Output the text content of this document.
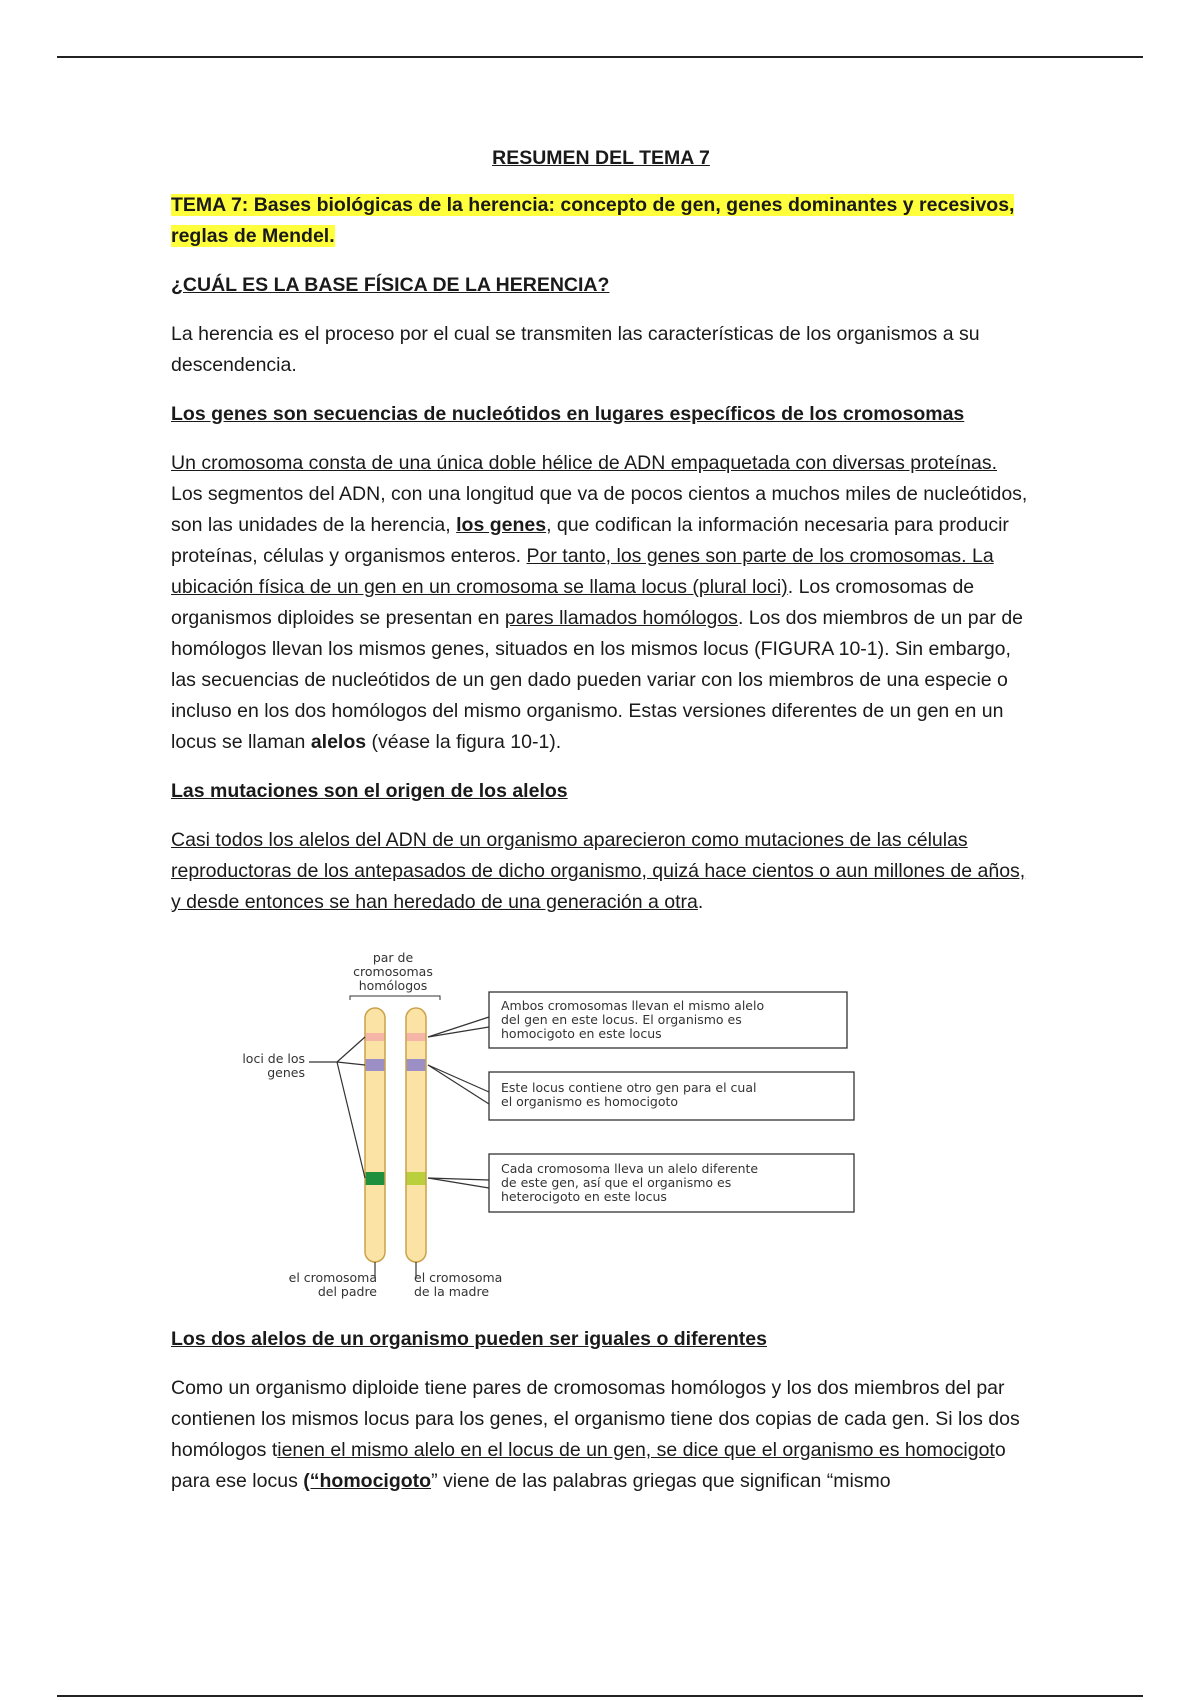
RESUMEN DEL TEMA 7
TEMA 7: Bases biológicas de la herencia: concepto de gen, genes dominantes y recesivos, reglas de Mendel.
¿CUÁL ES LA BASE FÍSICA DE LA HERENCIA?

La herencia es el proceso por el cual se transmiten las características de los organismos a su descendencia.

Los genes son secuencias de nucleótidos en lugares específicos de los cromosomas

Un cromosoma consta de una única doble hélice de ADN empaquetada con diversas proteínas. Los segmentos del ADN, con una longitud que va de pocos cientos a muchos miles de nucleótidos, son las unidades de la herencia, los genes, que codifican la información necesaria para producir proteínas, células y organismos enteros. Por tanto, los genes son parte de los cromosomas. La ubicación física de un gen en un cromosoma se llama locus (plural loci). Los cromosomas de organismos diploides se presentan en pares llamados homólogos. Los dos miembros de un par de homólogos llevan los mismos genes, situados en los mismos locus (FIGURA 10-1). Sin embargo, las secuencias de nucleótidos de un gen dado pueden variar con los miembros de una especie o incluso en los dos homólogos del mismo organismo. Estas versiones diferentes de un gen en un locus se llaman alelos (véase la figura 10-1).

Las mutaciones son el origen de los alelos

Casi todos los alelos del ADN de un organismo aparecieron como mutaciones de las células reproductoras de los antepasados de dicho organismo, quizá hace cientos o aun millones de años, y desde entonces se han heredado de una generación a otra.

par de
cromosomas
homólogos
loci de los
genes
Ambos cromosomas llevan el mismo alelo
del gen en este locus. El organismo es
homocigoto en este locus
Este locus contiene otro gen para el cual
el organismo es homocigoto
Cada cromosoma lleva un alelo diferente
de este gen, así que el organismo es
heterocigoto en este locus
el cromosoma
del padre
el cromosoma
de la madre
Los dos alelos de un organismo pueden ser iguales o diferentes

Como un organismo diploide tiene pares de cromosomas homólogos y los dos miembros del par contienen los mismos locus para los genes, el organismo tiene dos copias de cada gen. Si los dos homólogos tienen el mismo alelo en el locus de un gen, se dice que el organismo es homocigoto para ese locus (“homocigoto” viene de las palabras griegas que significan “mismo
